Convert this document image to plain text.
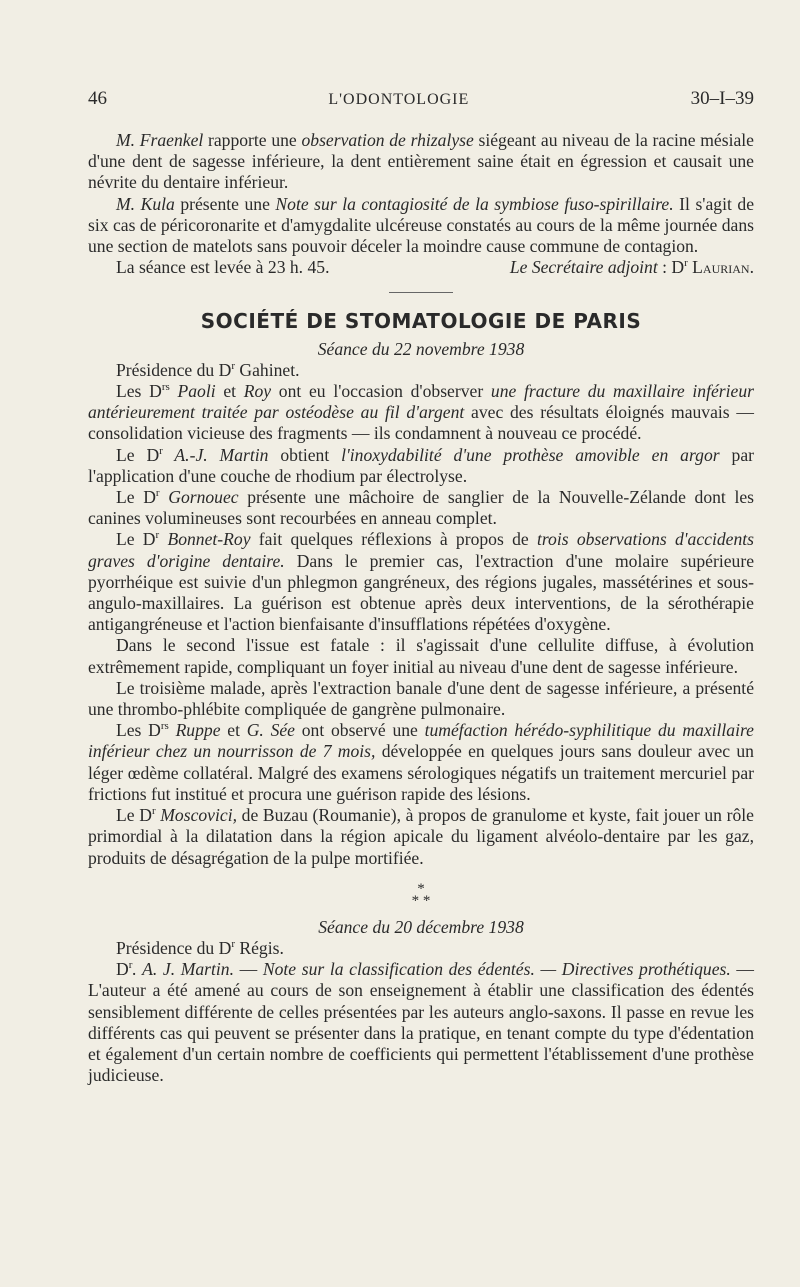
46	L'ODONTOLOGIE	30–I–39

M. Fraenkel rapporte une observation de rhizalyse siégeant au niveau de la racine mésiale d'une dent de sagesse inférieure, la dent entièrement saine était en égression et causait une névrite du dentaire inférieur.

M. Kula présente une Note sur la contagiosité de la symbiose fuso-spirillaire. Il s'agit de six cas de péricoronarite et d'amygdalite ulcéreuse constatés au cours de la même journée dans une section de matelots sans pouvoir déceler la moindre cause commune de contagion.

La séance est levée à 23 h. 45.	Le Secrétaire adjoint : $D^r$ Laurian.
SOCIÉTÉ DE STOMATOLOGIE DE PARIS

Séance du 22 novembre 1938

Présidence du $D^r$ Gahinet.

Les $D^{rs}$ Paoli et Roy ont eu l'occasion d'observer une fracture du maxillaire inférieur antérieurement traitée par ostéodèse au fil d'argent avec des résultats éloignés mauvais — consolidation vicieuse des fragments — ils condamnent à nouveau ce procédé.

Le $D^r$ A.-J. Martin obtient l'inoxydabilité d'une prothèse amovible en argor par l'application d'une couche de rhodium par électrolyse.

Le $D^r$ Gornouec présente une mâchoire de sanglier de la Nouvelle-Zélande dont les canines volumineuses sont recourbées en anneau complet.

Le $D^r$ Bonnet-Roy fait quelques réflexions à propos de trois observations d'accidents graves d'origine dentaire. Dans le premier cas, l'extraction d'une molaire supérieure pyorrhéique est suivie d'un phlegmon gangréneux, des régions jugales, massétérines et sous-angulo-maxillaires. La guérison est obtenue après deux interventions, de la sérothérapie antigangréneuse et l'action bienfaisante d'insufflations répétées d'oxygène.

Dans le second l'issue est fatale : il s'agissait d'une cellulite diffuse, à évolution extrêmement rapide, compliquant un foyer initial au niveau d'une dent de sagesse inférieure.

Le troisième malade, après l'extraction banale d'une dent de sagesse inférieure, a présenté une thrombo-phlébite compliquée de gangrène pulmonaire.

Les $D^{rs}$ Ruppe et G. Sée ont observé une tuméfaction hérédo-syphilitique du maxillaire inférieur chez un nourrisson de 7 mois, développée en quelques jours sans douleur avec un léger œdème collatéral. Malgré des examens sérologiques négatifs un traitement mercuriel par frictions fut institué et procura une guérison rapide des lésions.

Le $D^r$ Moscovici, de Buzau (Roumanie), à propos de granulome et kyste, fait jouer un rôle primordial à la dilatation dans la région apicale du ligament alvéolo-dentaire par les gaz, produits de désagrégation de la pulpe mortifiée.

*
* *

Séance du 20 décembre 1938

Présidence du $D^r$ Régis.

$D^r$. A. J. Martin. — Note sur la classification des édentés. — Directives prothétiques. — L'auteur a été amené au cours de son enseignement à établir une classification des édentés sensiblement différente de celles présentées par les auteurs anglo-saxons. Il passe en revue les différents cas qui peuvent se présenter dans la pratique, en tenant compte du type d'édentation et également d'un certain nombre de coefficients qui permettent l'établissement d'une prothèse judicieuse.
